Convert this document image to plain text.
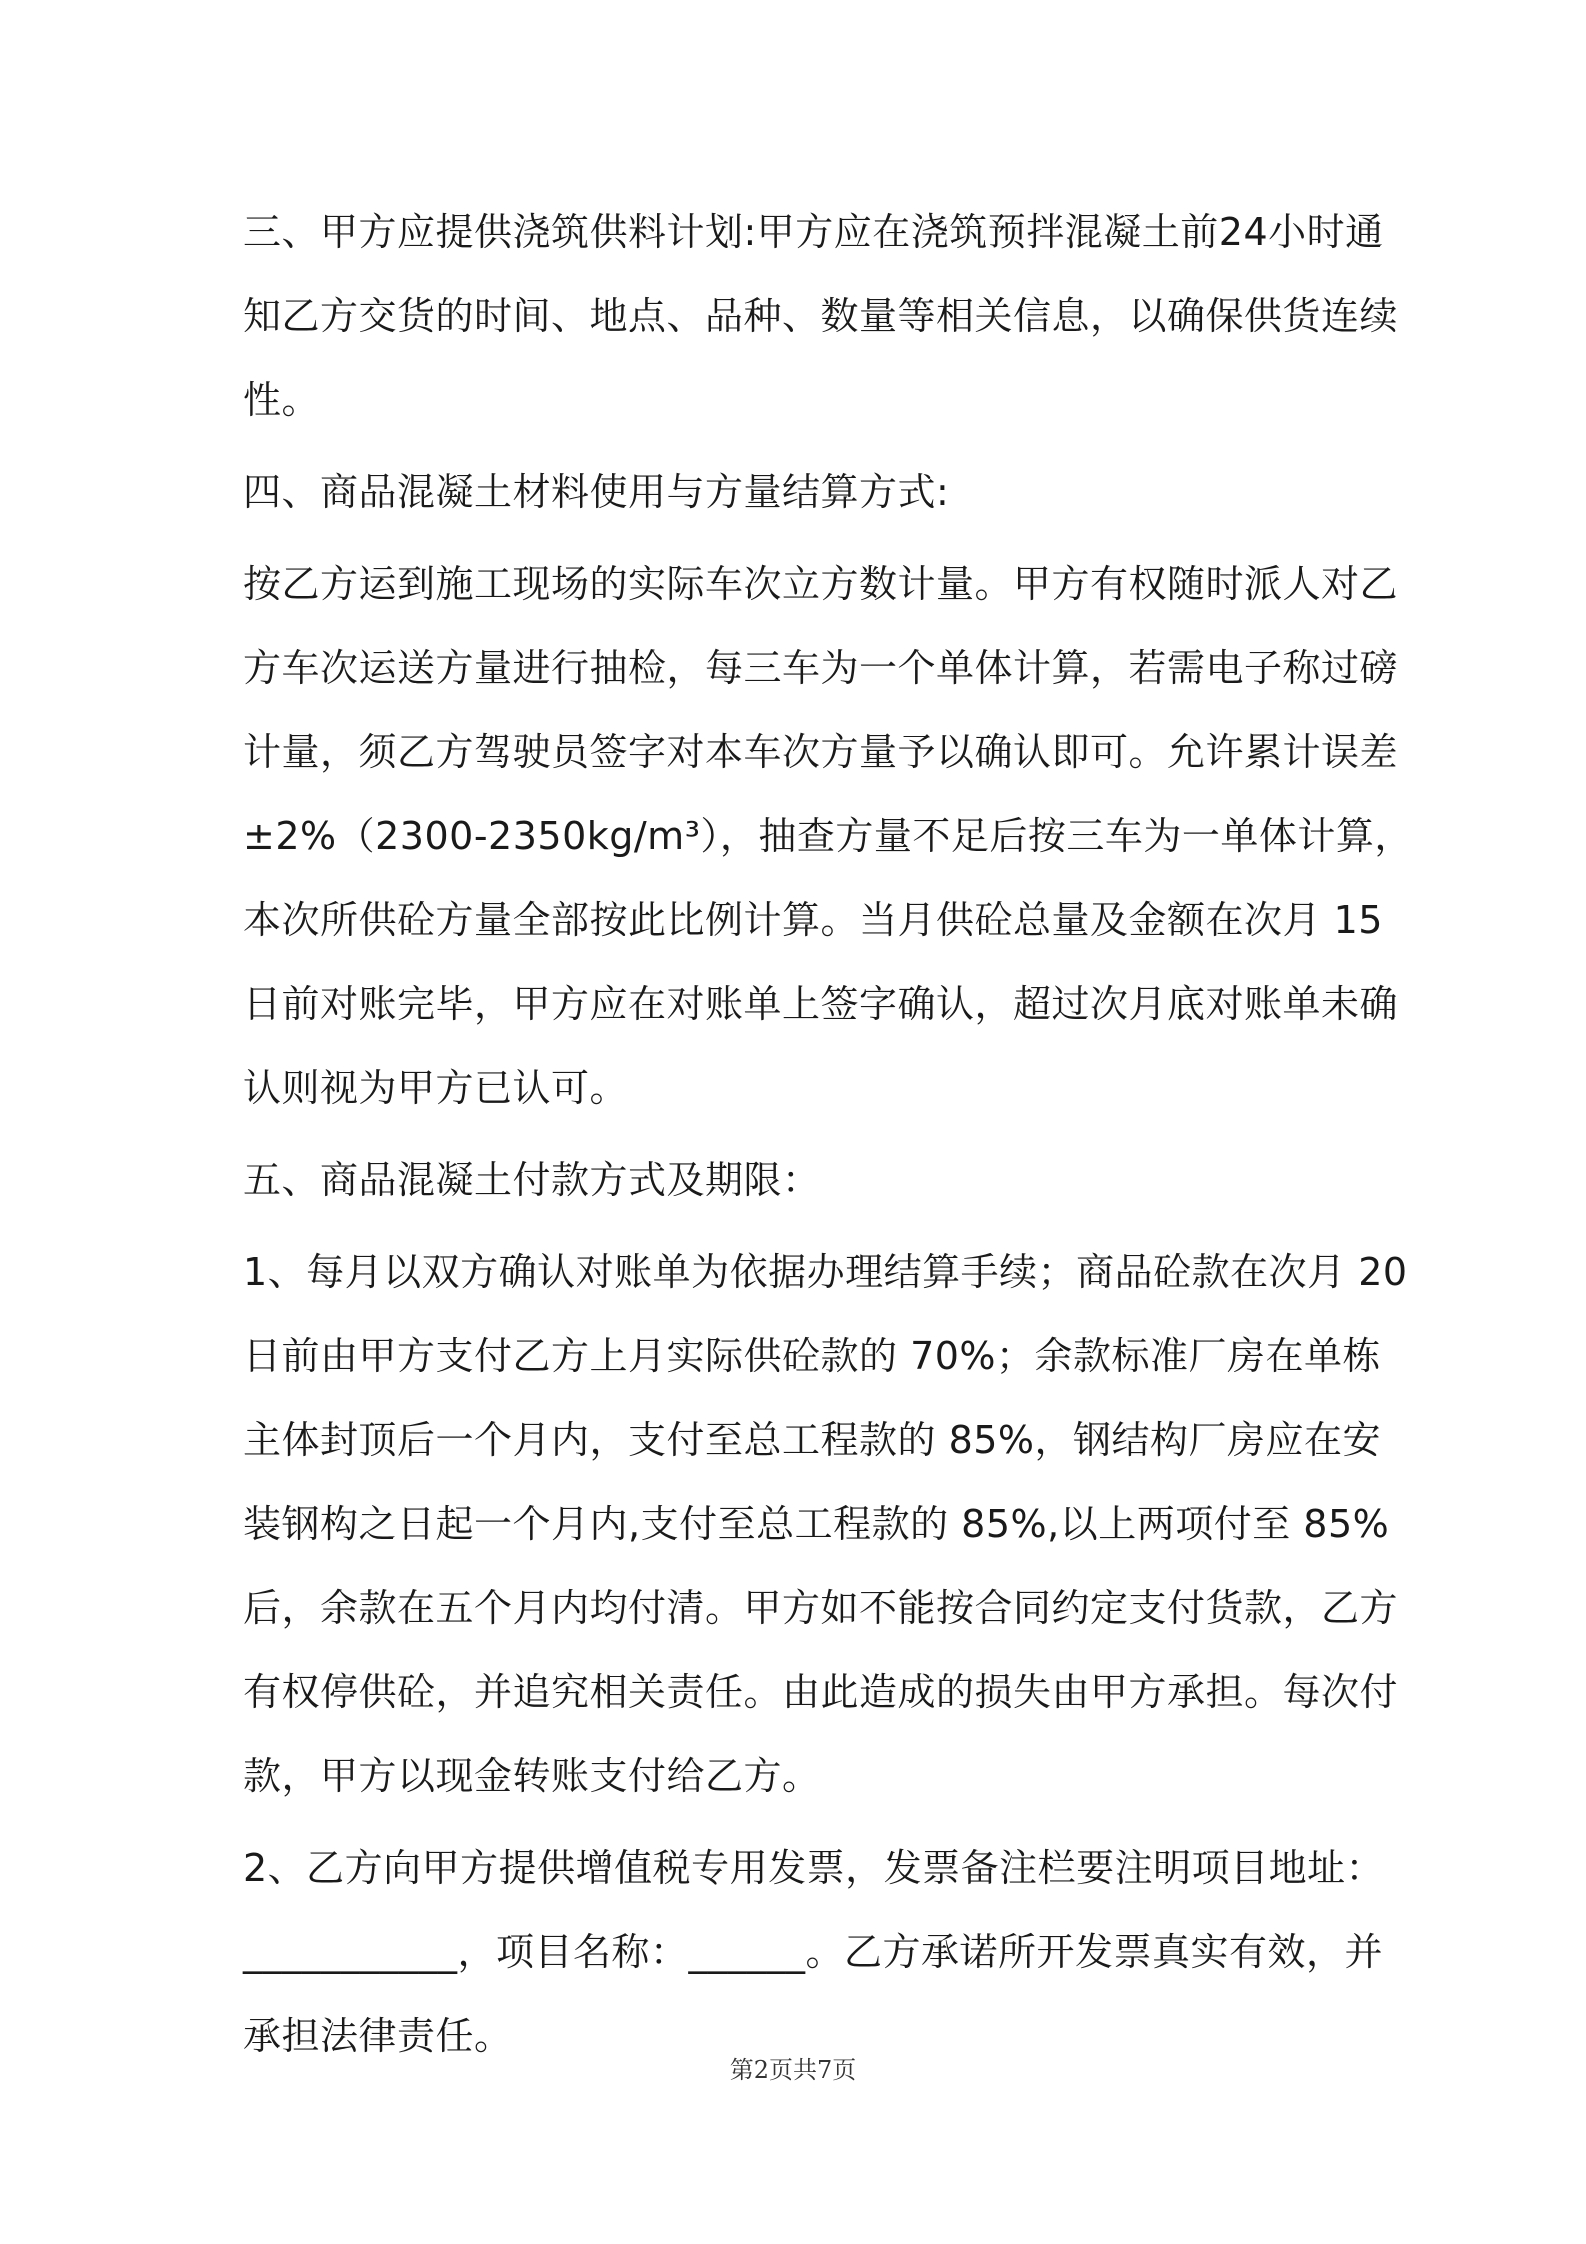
三、甲方应提供浇筑供料计划:甲方应在浇筑预拌混凝土前24小时通
知乙方交货的时间、地点、品种、数量等相关信息，以确保供货连续
性。
四、商品混凝土材料使用与方量结算方式:
按乙方运到施工现场的实际车次立方数计量。甲方有权随时派人对乙
方车次运送方量进行抽检，每三车为一个单体计算，若需电子称过磅
计量，须乙方驾驶员签字对本车次方量予以确认即可。允许累计误差
±2%（2300-2350kg/m³），抽查方量不足后按三车为一单体计算，
本次所供砼方量全部按此比例计算。当月供砼总量及金额在次月 15
日前对账完毕，甲方应在对账单上签字确认，超过次月底对账单未确
认则视为甲方已认可。
五、商品混凝土付款方式及期限：
1、每月以双方确认对账单为依据办理结算手续；商品砼款在次月 20
日前由甲方支付乙方上月实际供砼款的 70%；余款标准厂房在单栋
主体封顶后一个月内，支付至总工程款的 85%，钢结构厂房应在安
装钢构之日起一个月内,支付至总工程款的 85%,以上两项付至 85%
后，余款在五个月内均付清。甲方如不能按合同约定支付货款，乙方
有权停供砼，并追究相关责任。由此造成的损失由甲方承担。每次付
款，甲方以现金转账支付给乙方。
2、乙方向甲方提供增值税专用发票，发票备注栏要注明项目地址：
___________，项目名称：______。乙方承诺所开发票真实有效，并
承担法律责任。
第2页共7页
